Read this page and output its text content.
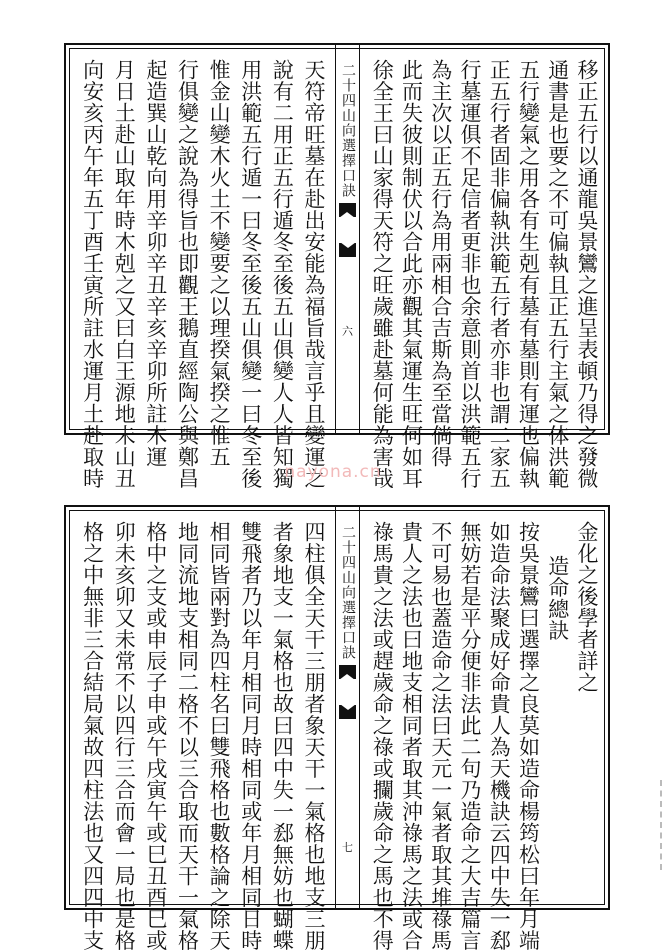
移正五行以通龍吳景鸞之進呈表頓乃得之發微
通書是也要之不可偏執且正五行主氣之体洪範
五行變氣之用各有生剋有墓有墓則有運也偏執
正五行者固非偏執洪範五行者亦非也謂二家五
行墓運俱不足信者更非也余意則首以洪範五行
為主次以正五行為用兩相合吉斯為至當倘得
此而失彼則制伏以合此亦觀其氣運生旺何如耳
徐全王曰山家得天符之旺歲雖赴墓何能為害哉
二十四山向選擇口訣
六
天符帝旺墓在赴出安能為福旨哉言乎且變運之
說有二用正五行遁冬至後五山俱變人人皆知獨
用洪範五行遁一曰冬至後五山俱變一曰冬至後
惟金山變木火土不變要之以理揆氣揆之惟五
行俱變之說為得旨也即觀王鵝直經陶公與鄭昌
起造巽山乾向用辛卯辛丑辛亥辛卯所註木運
月日土赴山取年時木剋之又曰白王源地未山丑
向安亥丙午年五丁酉壬寅所註水運月土赴取時	nayona.cn
金化之後學者詳之
造命總訣
按吳景鸞曰選擇之良莫如造命楊筠松曰年月端
如造命法聚成好命貴人為天機訣云四中失一郄
無妨若是平分便非法此二句乃造命之大吉篇言
不可易也蓋造命之法曰天元一氣者取其堆祿馬
貴人之法也曰地支相同者取其沖祿馬之法或合
祿馬貴之法或趕歲命之祿或攔歲命之馬也不得
二十四山向選擇口訣
七
四柱俱全天干三朋者象天干一氣格也地支三朋
者象地支一氣格也故曰四中失一郄無妨也蝴蝶
雙飛者乃以年月相同月時相同或年月相同日時
相同皆兩對為四柱名曰雙飛格也數格論之除天
地同流地支相同二格不以三合取而天干一氣格
格中之支或申辰子申或午戌寅午或巳丑酉巳或
卯未亥卯又未常不以四行三合而會一局也是格
格之中無非三合結局氣故四柱法也又四四中支
